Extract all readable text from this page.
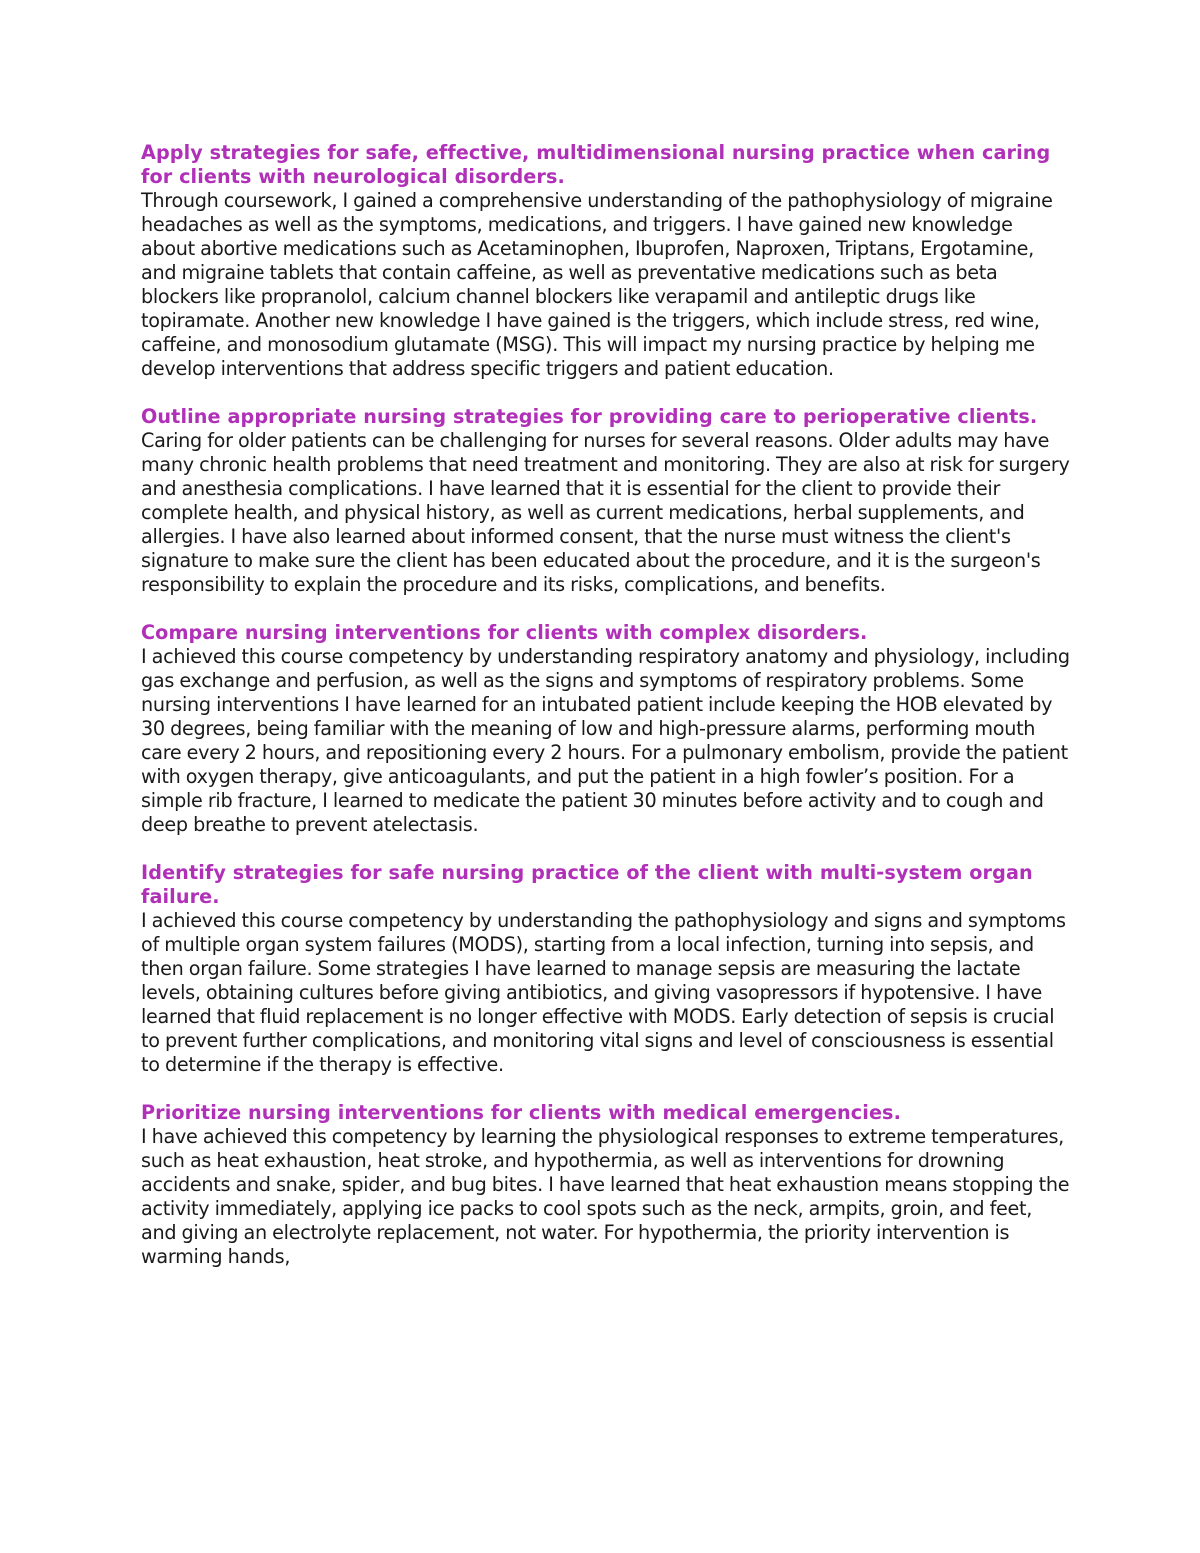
Apply strategies for safe, effective, multidimensional nursing practice when caring for clients with neurological disorders.

Through coursework, I gained a comprehensive understanding of the pathophysiology of migraine headaches as well as the symptoms, medications, and triggers. I have gained new knowledge about abortive medications such as Acetaminophen, Ibuprofen, Naproxen, Triptans, Ergotamine, and migraine tablets that contain caffeine, as well as preventative medications such as beta blockers like propranolol, calcium channel blockers like verapamil and antileptic drugs like topiramate. Another new knowledge I have gained is the triggers, which include stress, red wine, caffeine, and monosodium glutamate (MSG). This will impact my nursing practice by helping me develop interventions that address specific triggers and patient education.

Outline appropriate nursing strategies for providing care to perioperative clients.

Caring for older patients can be challenging for nurses for several reasons. Older adults may have many chronic health problems that need treatment and monitoring. They are also at risk for surgery and anesthesia complications. I have learned that it is essential for the client to provide their complete health, and physical history, as well as current medications, herbal supplements, and allergies. I have also learned about informed consent, that the nurse must witness the client's signature to make sure the client has been educated about the procedure, and it is the surgeon's responsibility to explain the procedure and its risks, complications, and benefits.

Compare nursing interventions for clients with complex disorders.

I achieved this course competency by understanding respiratory anatomy and physiology, including gas exchange and perfusion, as well as the signs and symptoms of respiratory problems. Some nursing interventions I have learned for an intubated patient include keeping the HOB elevated by 30 degrees, being familiar with the meaning of low and high-pressure alarms, performing mouth care every 2 hours, and repositioning every 2 hours. For a pulmonary embolism, provide the patient with oxygen therapy, give anticoagulants, and put the patient in a high fowler’s position. For a simple rib fracture, I learned to medicate the patient 30 minutes before activity and to cough and deep breathe to prevent atelectasis.

Identify strategies for safe nursing practice of the client with multi-system organ failure.

I achieved this course competency by understanding the pathophysiology and signs and symptoms of multiple organ system failures (MODS), starting from a local infection, turning into sepsis, and then organ failure. Some strategies I have learned to manage sepsis are measuring the lactate levels, obtaining cultures before giving antibiotics, and giving vasopressors if hypotensive. I have learned that fluid replacement is no longer effective with MODS. Early detection of sepsis is crucial to prevent further complications, and monitoring vital signs and level of consciousness is essential to determine if the therapy is effective.

Prioritize nursing interventions for clients with medical emergencies.

I have achieved this competency by learning the physiological responses to extreme temperatures, such as heat exhaustion, heat stroke, and hypothermia, as well as interventions for drowning accidents and snake, spider, and bug bites. I have learned that heat exhaustion means stopping the activity immediately, applying ice packs to cool spots such as the neck, armpits, groin, and feet, and giving an electrolyte replacement, not water. For hypothermia, the priority intervention is warming hands,
